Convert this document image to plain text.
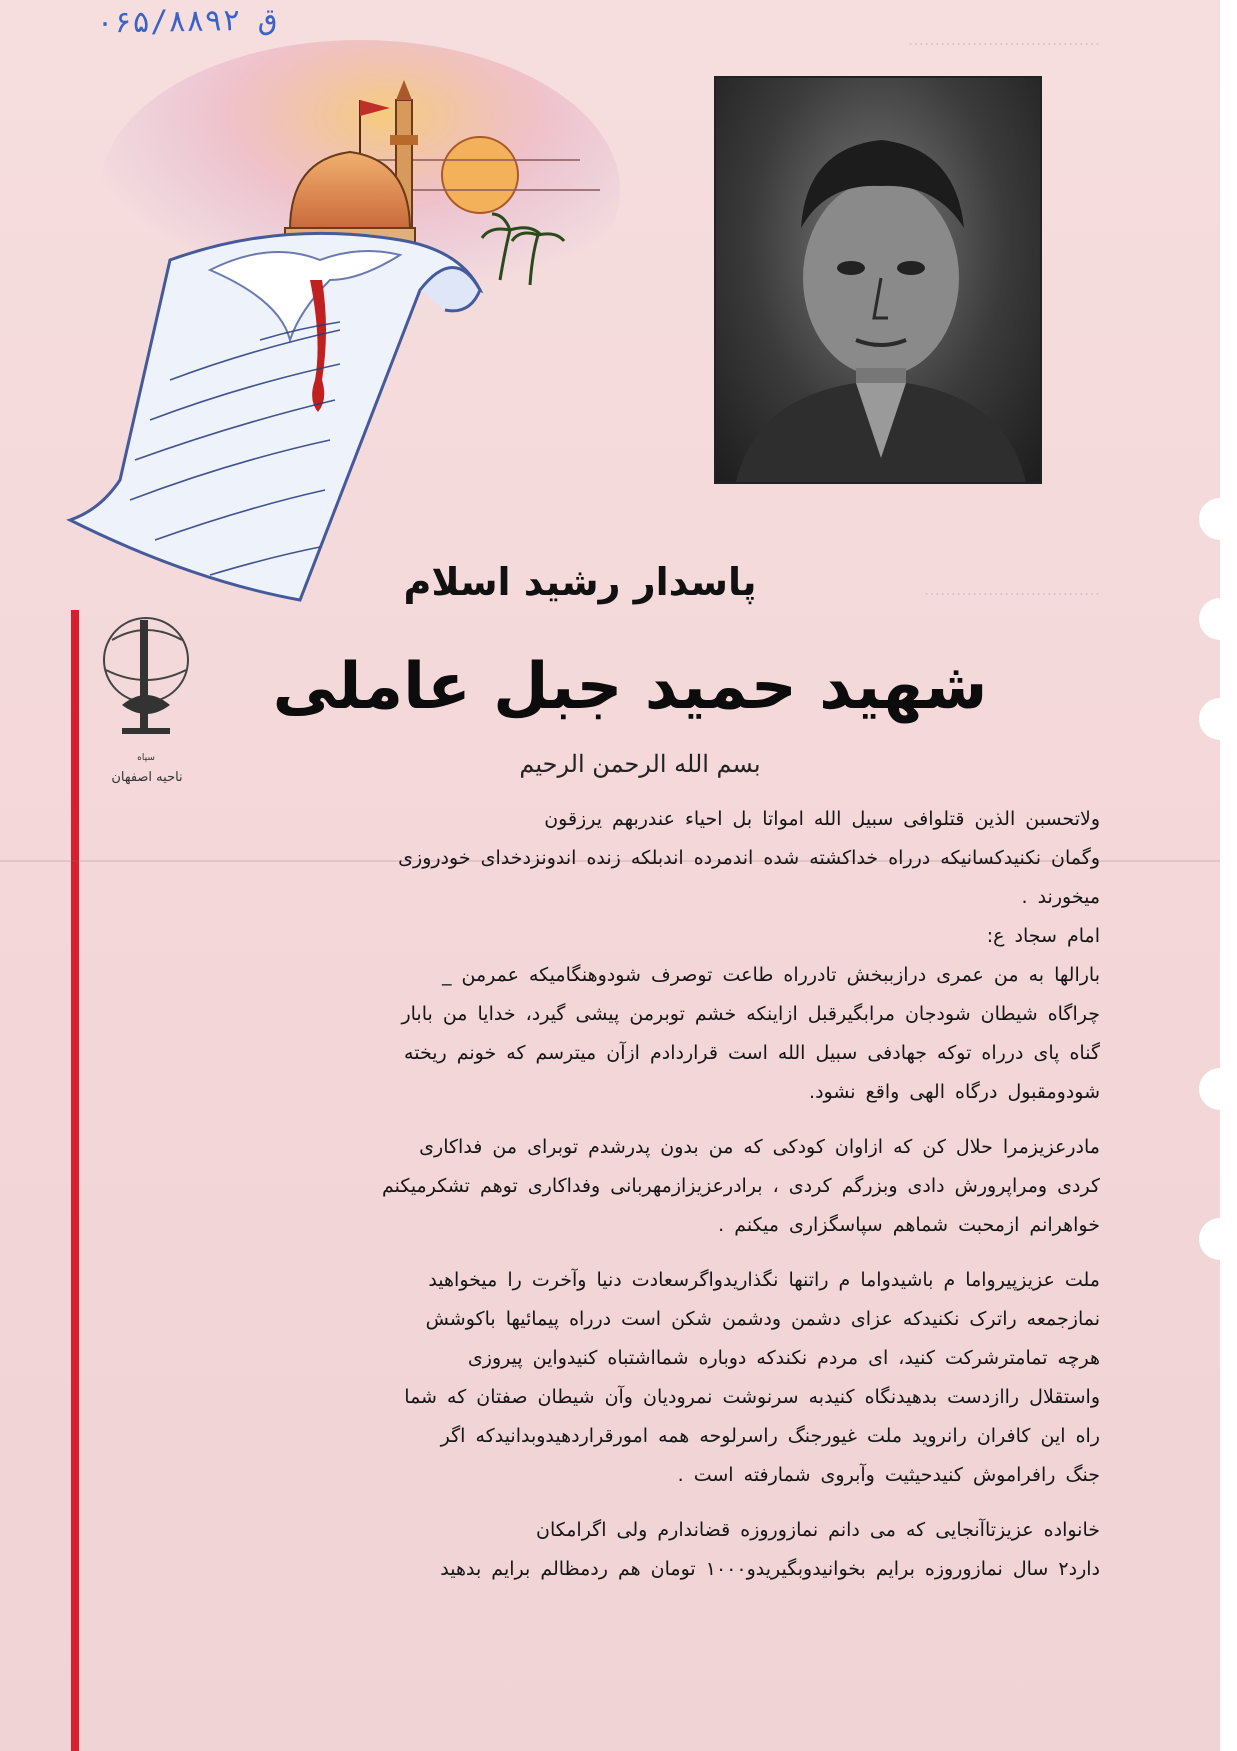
ق ۰۶۵/۸۸۹۲
………………………………
……………………………
پاسدار رشید اسلام
شهید حمید جبل عاملی
سپاه
ناحیه اصفهان	بسم الله الرحمن الرحیم
ولاتحسبن الذین قتلوافی سبیل الله امواتا بل احیاء عندربهم یرزقون
وگمان نکنیدکسانیکه درراه خداکشته شده اندمرده اندبلکه زنده اندونزدخدای خودروزی
میخورند .
امام سجاد ع:
بارالها به من عمری درازببخش تادرراه طاعت توصرف شودوهنگامیکه عمرمن _
چراگاه شیطان شودجان مرابگیرقبل ازاینکه خشم توبرمن پیشی گیرد، خدایا من بابار
گناه پای درراه توکه جهادفی سبیل الله است قراردادم ازآن میترسم که خونم ریخته
شودومقبول درگاه الهی واقع نشود.
مادرعزیزمرا حلال کن که ازاوان کودکی که من بدون پدرشدم توبرای من فداکاری
کردی ومراپرورش دادی وبزرگم کردی ، برادرعزیزازمهربانی وفداکاری توهم تشکرمیکنم
خواهرانم ازمحبت شماهم سپاسگزاری میکنم .
ملت عزیزپیرواما م باشیدواما م راتنها نگذاریدواگرسعادت دنیا وآخرت را میخواهید
نمازجمعه راترک نکنیدکه عزای دشمن ودشمن شکن است درراه پیمائیها باکوشش
هرچه تمامترشرکت کنید، ای مردم نکندکه دوباره شمااشتباه کنیدواین پیروزی
واستقلال راازدست بدهیدنگاه کنیدبه سرنوشت نمرودیان وآن شیطان صفتان که شما
راه این کافران رانروید ملت غیورجنگ راسرلوحه همه امورقراردهیدوبدانیدکه اگر
جنگ رافراموش کنیدحیثیت وآبروی شمارفته است .
خانواده عزیزتاآنجایی که می دانم نمازوروزه قضاندارم ولی اگرامکان
دارد۲ سال نمازوروزه برایم بخوانیدوبگیریدو۱۰۰۰ تومان هم ردمظالم برایم بدهید
